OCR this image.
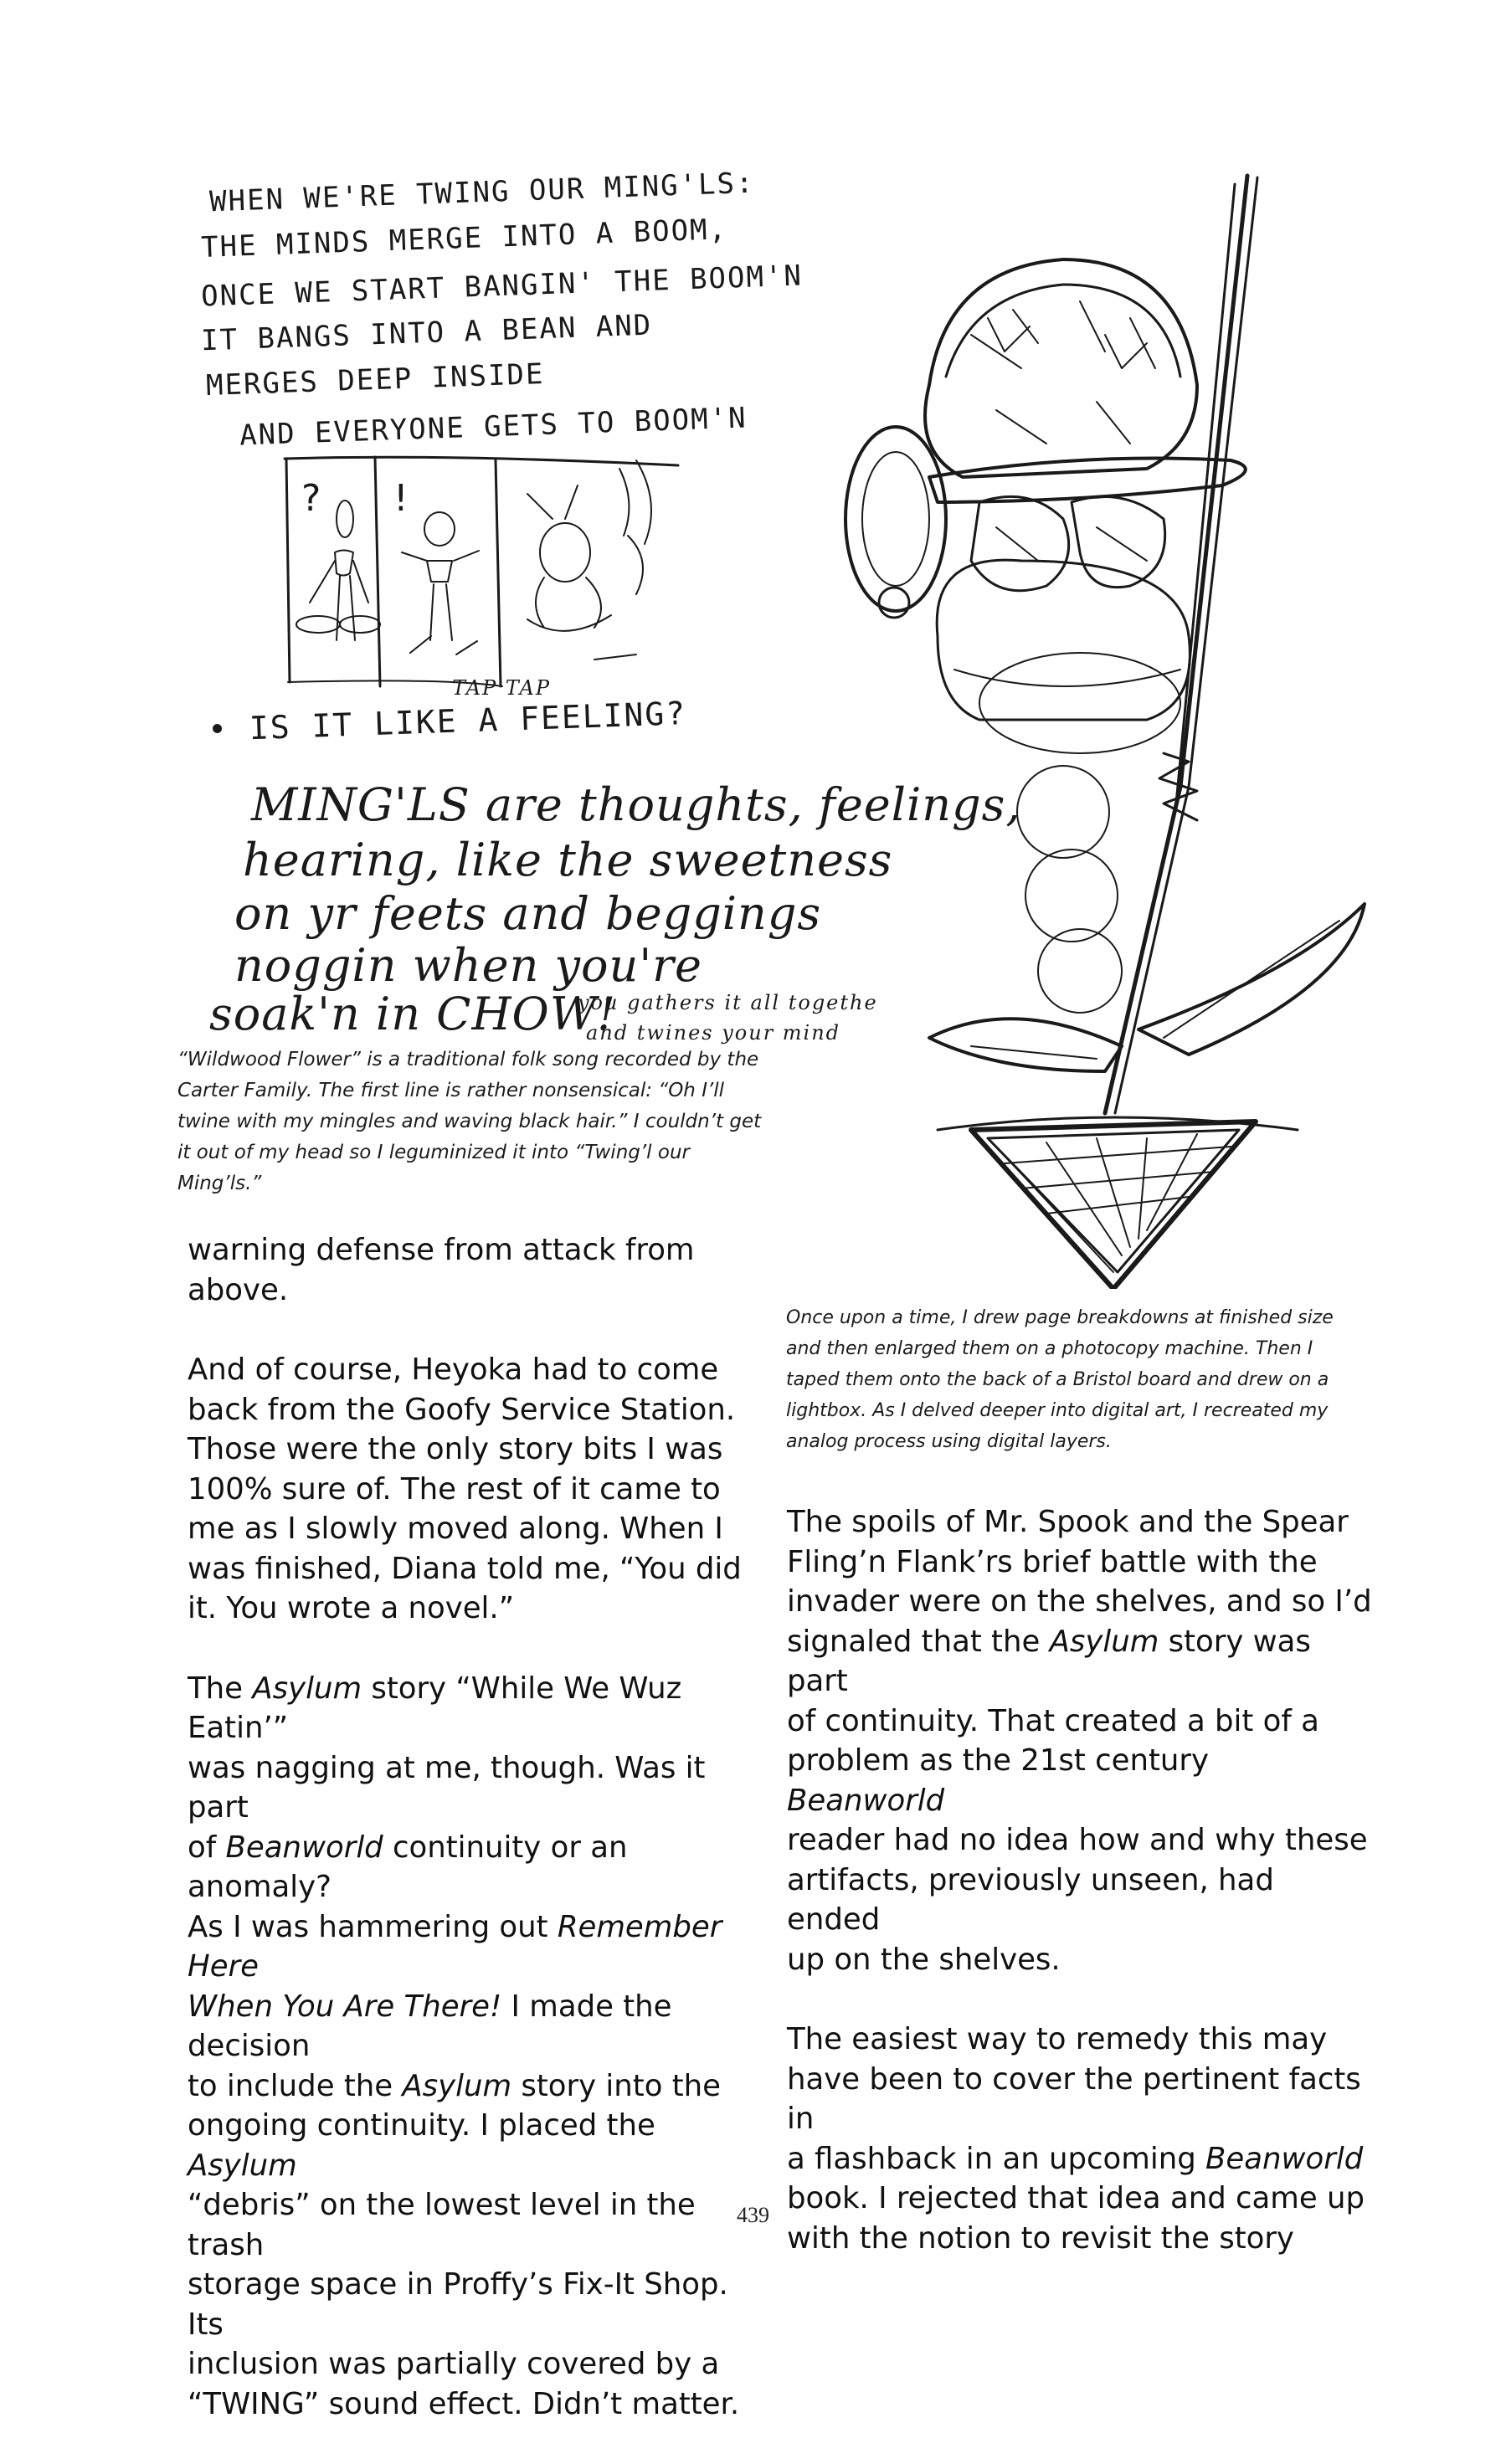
WHEN WE'RE TWING OUR MING'LS:
THE MINDS MERGE INTO A BOOM,
ONCE WE START BANGIN' THE BOOM'N
IT BANGS INTO A BEAN AND
MERGES DEEP INSIDE
AND EVERYONE GETS TO BOOM'N
? !
TAP TAP
• IS IT LIKE A FEELING?
MING'LS are thoughts, feelings,
hearing, like the sweetness
on yr feets and beggings
noggin when you're
soak'n in CHOW!
you gathers it all togethe
and twines your mind

“Wildwood Flower” is a traditional folk song recorded by the

Carter Family. The first line is rather nonsensical: “Oh I’ll

twine with my mingles and waving black hair.” I couldn’t get

it out of my head so I leguminized it into “Twing’l our Ming’ls.”

Once upon a time, I drew page breakdowns at finished size

and then enlarged them on a photocopy machine. Then I

taped them onto the back of a Bristol board and drew on a

lightbox. As I delved deeper into digital art, I recreated my

analog process using digital layers.

warning defense from attack from
above.

And of course, Heyoka had to come
back from the Goofy Service Station.
Those were the only story bits I was
100% sure of. The rest of it came to
me as I slowly moved along. When I
was finished, Diana told me, “You did
it. You wrote a novel.”

The Asylum story “While We Wuz Eatin’”
was nagging at me, though. Was it part
of Beanworld continuity or an anomaly?
As I was hammering out Remember Here
When You Are There! I made the decision
to include the Asylum story into the
ongoing continuity. I placed the Asylum
“debris” on the lowest level in the trash
storage space in Proffy’s Fix-It Shop. Its
inclusion was partially covered by a
“TWING” sound effect. Didn’t matter.

The spoils of Mr. Spook and the Spear
Fling’n Flank’rs brief battle with the
invader were on the shelves, and so I’d
signaled that the Asylum story was part
of continuity. That created a bit of a
problem as the 21st century Beanworld
reader had no idea how and why these
artifacts, previously unseen, had ended
up on the shelves.

The easiest way to remedy this may
have been to cover the pertinent facts in
a flashback in an upcoming Beanworld
book. I rejected that idea and came up
with the notion to revisit the story

439
